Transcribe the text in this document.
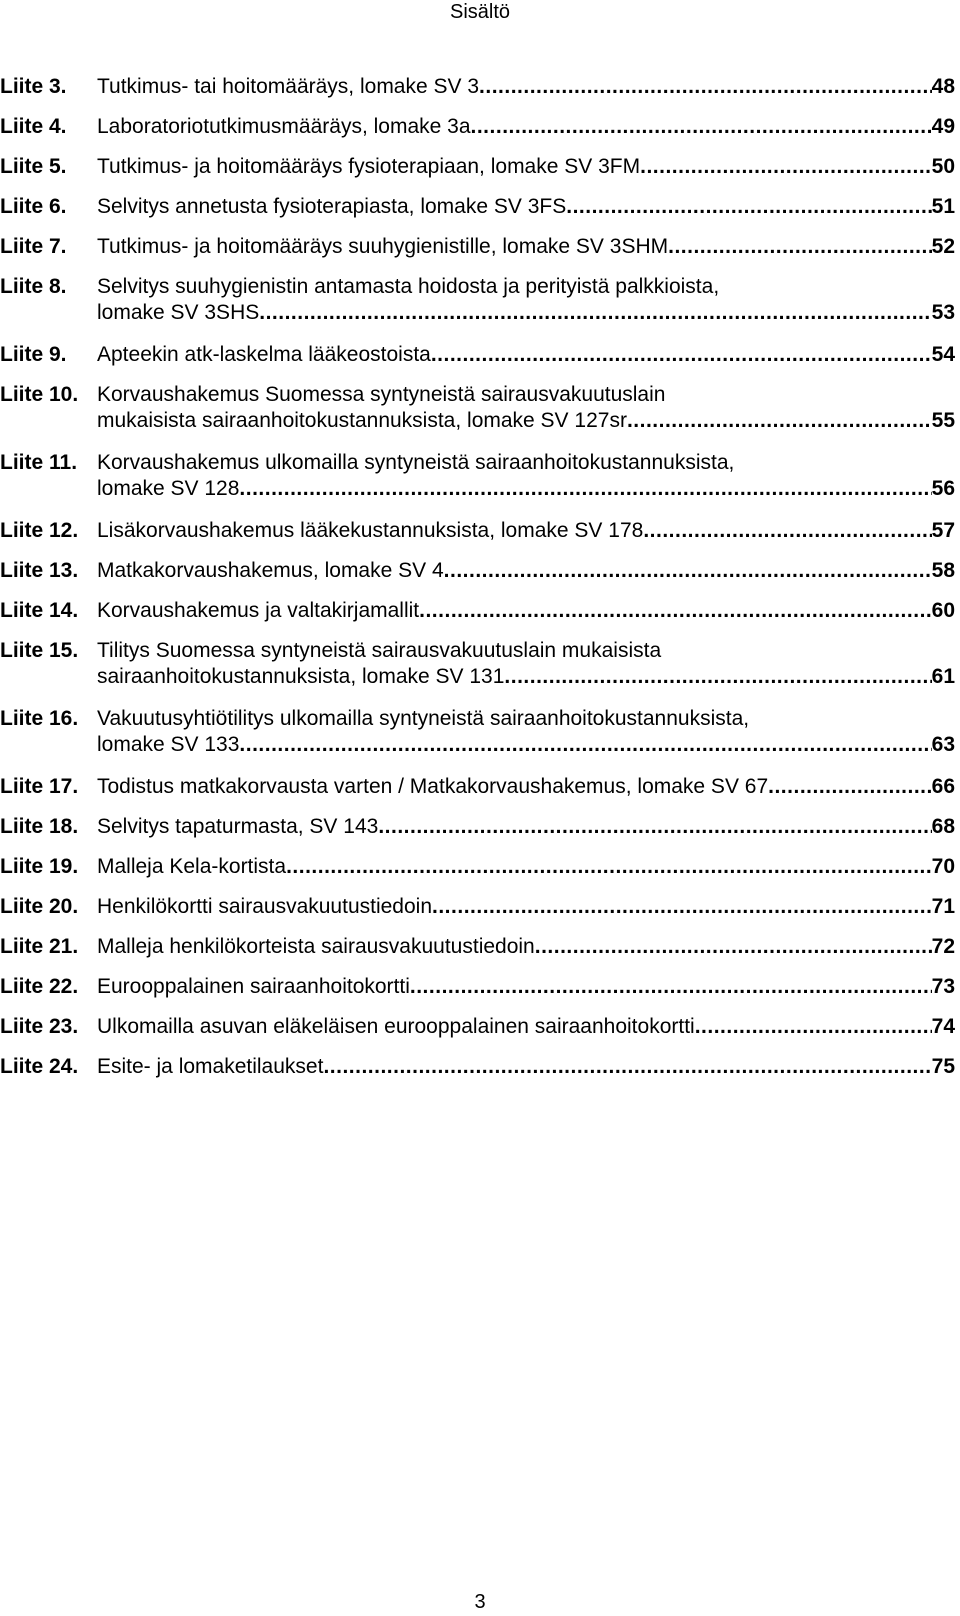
Sisältö
Liite 3.	Tutkimus- tai hoitomääräys, lomake SV 3 .....	48
Liite 4.	Laboratoriotutkimusmääräys, lomake 3a .....	49
Liite 5.	Tutkimus- ja hoitomääräys fysioterapiaan, lomake SV 3FM .....	50
Liite 6.	Selvitys annetusta fysioterapiasta, lomake SV 3FS .....	51
Liite 7.	Tutkimus- ja hoitomääräys suuhygienistille, lomake SV 3SHM .....	52
Liite 8.	Selvitys suuhygienistin antamasta hoidosta ja perityistä palkkioista,
lomake SV 3SHS .....	53
Liite 9.	Apteekin atk-laskelma lääkeostoista .....	54
Liite 10. Korvaushakemus Suomessa syntyneistä sairausvakuutuslain
mukaisista sairaanhoitokustannuksista, lomake SV 127sr .....	55
Liite 11. Korvaushakemus ulkomailla syntyneistä sairaanhoitokustannuksista,
lomake SV 128 .....	56
Liite 12. Lisäkorvaushakemus lääkekustannuksista, lomake SV 178 .....	57
Liite 13. Matkakorvaushakemus, lomake SV 4 .....	58
Liite 14. Korvaushakemus ja valtakirjamallit .....	60
Liite 15. Tilitys Suomessa syntyneistä sairausvakuutuslain mukaisista
sairaanhoitokustannuksista, lomake SV 131 .....	61
Liite 16. Vakuutusyhtiötilitys ulkomailla syntyneistä sairaanhoitokustannuksista,
lomake SV 133 .....	63
Liite 17. Todistus matkakorvausta varten / Matkakorvaushakemus, lomake SV 67 .....	66
Liite 18. Selvitys tapaturmasta, SV 143 .....	68
Liite 19. Malleja Kela-kortista .....	70
Liite 20. Henkilökortti sairausvakuutustiedoin .....	71
Liite 21. Malleja henkilökorteista sairausvakuutustiedoin .....	72
Liite 22. Eurooppalainen sairaanhoitokortti .....	73
Liite 23. Ulkomailla asuvan eläkeläisen eurooppalainen sairaanhoitokortti .....	74
Liite 24. Esite- ja lomaketilaukset .....	75
3
